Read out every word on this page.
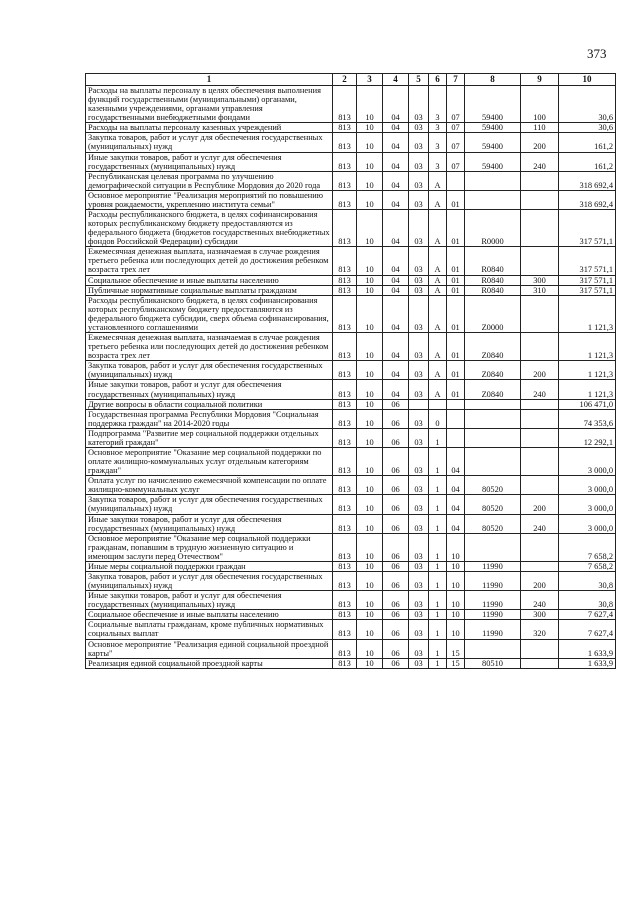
373
1	2	3	4	5	6	7	8	9	10
Расходы на выплаты персоналу в целях обеспечения выполнения функций государственными (муниципальными) органами, казенными учреждениями, органами управления государственными внебюджетными фондами	813	10	04	03	3	07	59400	100	30,6
Расходы на выплаты персоналу казенных учреждений	813	10	04	03	3	07	59400	110	30,6
Закупка товаров, работ и услуг для обеспечения государственных (муниципальных) нужд	813	10	04	03	3	07	59400	200	161,2
Иные закупки товаров, работ и услуг для обеспечения государственных (муниципальных) нужд	813	10	04	03	3	07	59400	240	161,2
Республиканская целевая программа по улучшению демографической ситуации в Республике Мордовия до 2020 года	813	10	04	03	А				318 692,4
Основное мероприятие "Реализация мероприятий по повышению уровня рождаемости, укреплению института семьи"	813	10	04	03	А	01			318 692,4
Расходы республиканского бюджета, в целях софинансирования которых республиканскому бюджету предоставляются из федерального бюджета (бюджетов государственных внебюджетных фондов Российской Федерации) субсидии	813	10	04	03	А	01	R0000		317 571,1
Ежемесячная денежная выплата, назначаемая в случае рождения третьего ребенка или последующих детей до достижения ребенком возраста трех лет	813	10	04	03	А	01	R0840		317 571,1
Социальное обеспечение и иные выплаты населению	813	10	04	03	А	01	R0840	300	317 571,1
Публичные нормативные социальные выплаты гражданам	813	10	04	03	А	01	R0840	310	317 571,1
Расходы республиканского бюджета, в целях софинансирования которых республиканскому бюджету предоставляются из федерального бюджета субсидии, сверх объема софинансирования, установленного соглашениями	813	10	04	03	А	01	Z0000		1 121,3
Ежемесячная денежная выплата, назначаемая в случае рождения третьего ребенка или последующих детей до достижения ребенком возраста трех лет	813	10	04	03	А	01	Z0840		1 121,3
Закупка товаров, работ и услуг для обеспечения государственных (муниципальных) нужд	813	10	04	03	А	01	Z0840	200	1 121,3
Иные закупки товаров, работ и услуг для обеспечения государственных (муниципальных) нужд	813	10	04	03	А	01	Z0840	240	1 121,3
Другие вопросы в области социальной политики	813	10	06						106 471,0
Государственная программа Республики Мордовия "Социальная поддержка граждан" на 2014-2020 годы	813	10	06	03	0				74 353,6
Подпрограмма "Развитие мер социальной поддержки отдельных категорий граждан"	813	10	06	03	1				12 292,1
Основное мероприятие "Оказание мер социальной поддержки по оплате жилищно-коммунальных услуг отдельным категориям граждан"	813	10	06	03	1	04			3 000,0
Оплата услуг по начислению ежемесячной компенсации по оплате жилищно-коммунальных услуг	813	10	06	03	1	04	80520		3 000,0
Закупка товаров, работ и услуг для обеспечения государственных (муниципальных) нужд	813	10	06	03	1	04	80520	200	3 000,0
Иные закупки товаров, работ и услуг для обеспечения государственных (муниципальных) нужд	813	10	06	03	1	04	80520	240	3 000,0
Основное мероприятие "Оказание мер социальной поддержки гражданам, попавшим в трудную жизненную ситуацию и имеющим заслуги перед Отечеством"	813	10	06	03	1	10			7 658,2
Иные меры социальной поддержки граждан	813	10	06	03	1	10	11990		7 658,2
Закупка товаров, работ и услуг для обеспечения государственных (муниципальных) нужд	813	10	06	03	1	10	11990	200	30,8
Иные закупки товаров, работ и услуг для обеспечения государственных (муниципальных) нужд	813	10	06	03	1	10	11990	240	30,8
Социальное обеспечение и иные выплаты населению	813	10	06	03	1	10	11990	300	7 627,4
Социальные выплаты гражданам, кроме публичных нормативных социальных выплат	813	10	06	03	1	10	11990	320	7 627,4
Основное мероприятие "Реализация единой социальной проездной карты"	813	10	06	03	1	15			1 633,9
Реализация единой социальной проездной карты	813	10	06	03	1	15	80510		1 633,9
